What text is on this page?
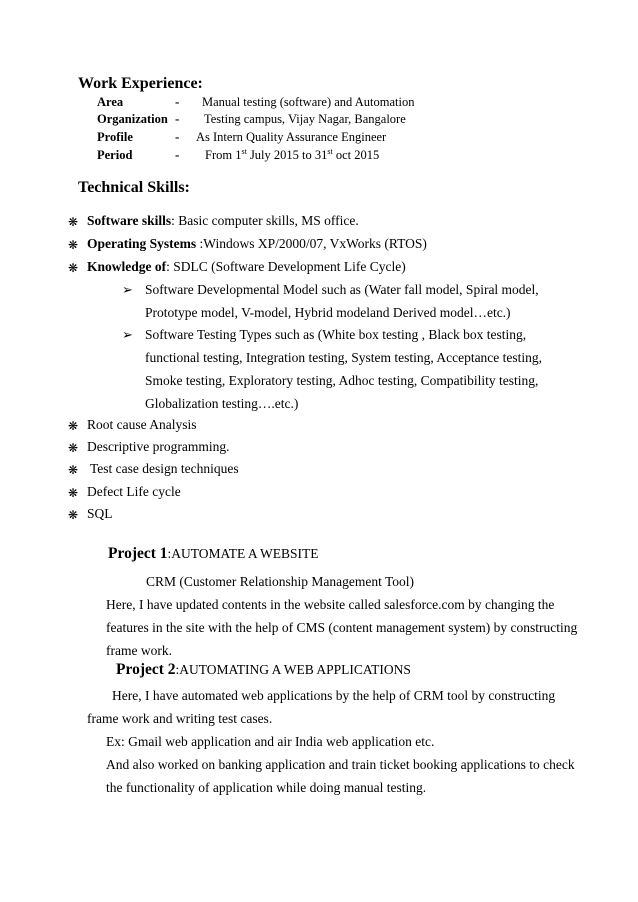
Work Experience:
Area	- Manual testing (software) and Automation
Organization - Testing campus, Vijay Nagar, Bangalore
Profile	- As Intern Quality Assurance Engineer
Period	- From 1st July 2015 to 31st oct 2015
Technical Skills:
❋ Software skills: Basic computer skills, MS office.
❋ Operating Systems :Windows XP/2000/07, VxWorks (RTOS)
❋ Knowledge of: SDLC (Software Development Life Cycle)
➢ Software Developmental Model such as (Water fall model, Spiral model,
Prototype model, V-model, Hybrid modeland Derived model…etc.)
➢ Software Testing Types such as (White box testing , Black box testing,
functional testing, Integration testing, System testing, Acceptance testing,
Smoke testing, Exploratory testing, Adhoc testing, Compatibility testing,
Globalization testing….etc.)
❋ Root cause Analysis
❋ Descriptive programming.
❋ Test case design techniques
❋ Defect Life cycle
❋ SQL
Project 1:AUTOMATE A WEBSITE
CRM (Customer Relationship Management Tool)
Here, I have updated contents in the website called salesforce.com by changing the
features in the site with the help of CMS (content management system) by constructing
frame work.
Project 2:AUTOMATING A WEB APPLICATIONS
Here, I have automated web applications by the help of CRM tool by constructing
frame work and writing test cases.
Ex: Gmail web application and air India web application etc.
And also worked on banking application and train ticket booking applications to check
the functionality of application while doing manual testing.
